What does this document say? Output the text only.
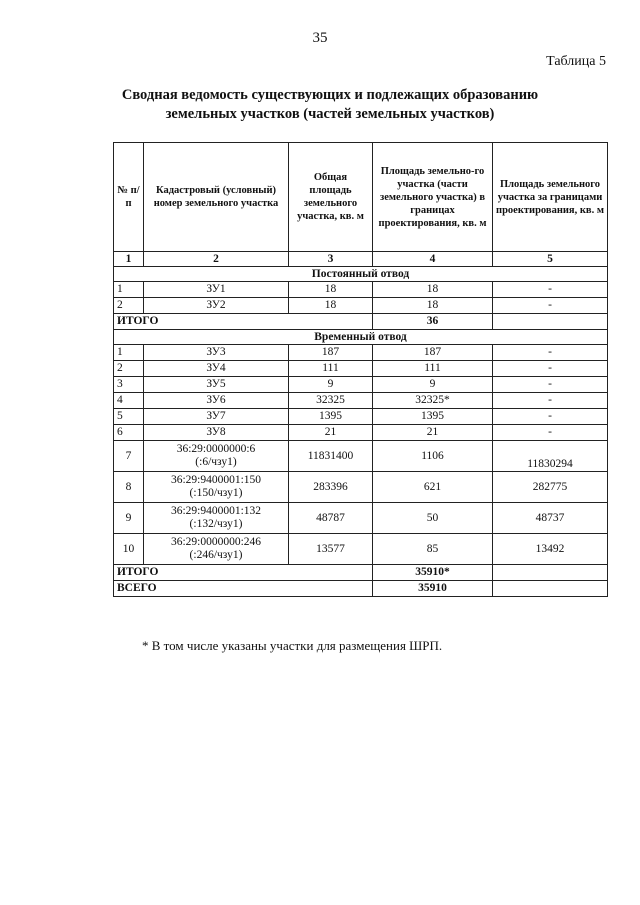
35
Таблица 5
Сводная ведомость существующих и подлежащих образованию земельных участков (частей земельных участков)
№ п/п	Кадастровый (условный) номер земельного участка	Общая площадь земельного участка, кв. м	Площадь земельно-го участка (части земельного участка) в границах проектирования, кв. м	Площадь земельного участка за границами проектирования, кв. м
1	2	3	4	5
Постоянный отвод				
1	ЗУ1	18	18	-
2	ЗУ2	18	18	-
ИТОГО			36	
Временный отвод				
1	ЗУ3	187	187	-
2	ЗУ4	111	111	-
3	ЗУ5	9	9	-
4	ЗУ6	32325	32325*	-
5	ЗУ7	1395	1395	-
6	ЗУ8	21	21	-
7	36:29:0000000:6
(:6/чзу1)	11831400	1106	11830294
8	36:29:9400001:150
(:150/чзу1)	283396	621	282775
9	36:29:9400001:132
(:132/чзу1)	48787	50	48737
10	36:29:0000000:246
(:246/чзу1)	13577	85	13492
ИТОГО			35910*	
ВСЕГО			35910	
* В том числе указаны участки для размещения ШРП.
